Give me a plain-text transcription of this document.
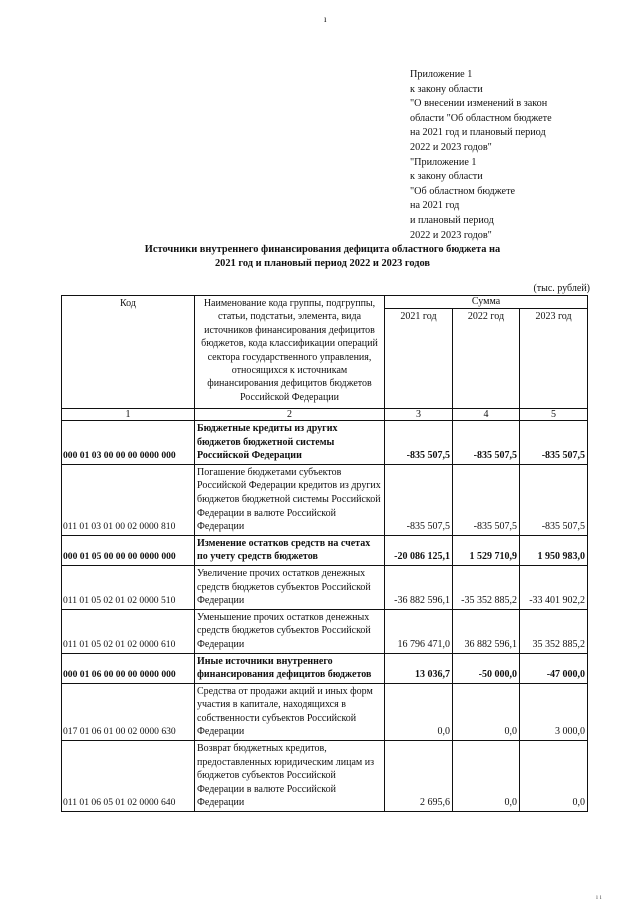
ı
Приложение 1
к закону области
"О внесении изменений в закон
области "Об областном бюджете
на 2021 год и плановый период
2022 и 2023 годов"
"Приложение 1
к закону области
"Об областном бюджете
на 2021 год
и плановый период
2022 и 2023 годов"
Источники внутреннего финансирования дефицита областного бюджета на
2021 год и плановый период 2022 и 2023 годов
(тыс. рублей)
Код	Наименование кода группы, подгруппы, статьи, подстатьи, элемента, вида источников финансирования дефицитов бюджетов, кода классификации операций сектора государственного управления, относящихся к источникам финансирования дефицитов бюджетов Российской Федерации	Сумма		
		2021 год	2022 год	2023 год
1	2	3	4	5
000 01 03 00 00 00 0000 000	Бюджетные кредиты из других бюджетов бюджетной системы Российской Федерации	-835 507,5	-835 507,5	-835 507,5
011 01 03 01 00 02 0000 810	Погашение бюджетами субъектов Российской Федерации кредитов из других бюджетов бюджетной системы Российской Федерации в валюте Российской Федерации	-835 507,5	-835 507,5	-835 507,5
000 01 05 00 00 00 0000 000	Изменение остатков средств на счетах по учету средств бюджетов	-20 086 125,1	1 529 710,9	1 950 983,0
011 01 05 02 01 02 0000 510	Увеличение прочих остатков денежных средств бюджетов субъектов Российской Федерации	-36 882 596,1	-35 352 885,2	-33 401 902,2
011 01 05 02 01 02 0000 610	Уменьшение прочих остатков денежных средств бюджетов субъектов Российской Федерации	16 796 471,0	36 882 596,1	35 352 885,2
000 01 06 00 00 00 0000 000	Иные источники внутреннего финансирования дефицитов бюджетов	13 036,7	-50 000,0	-47 000,0
017 01 06 01 00 02 0000 630	Средства от продажи акций и иных форм участия в капитале, находящихся в собственности субъектов Российской Федерации	0,0	0,0	3 000,0
011 01 06 05 01 02 0000 640	Возврат бюджетных кредитов, предоставленных юридическим лицам из бюджетов субъектов Российской Федерации в валюте Российской Федерации	2 695,6	0,0	0,0
ı ı
